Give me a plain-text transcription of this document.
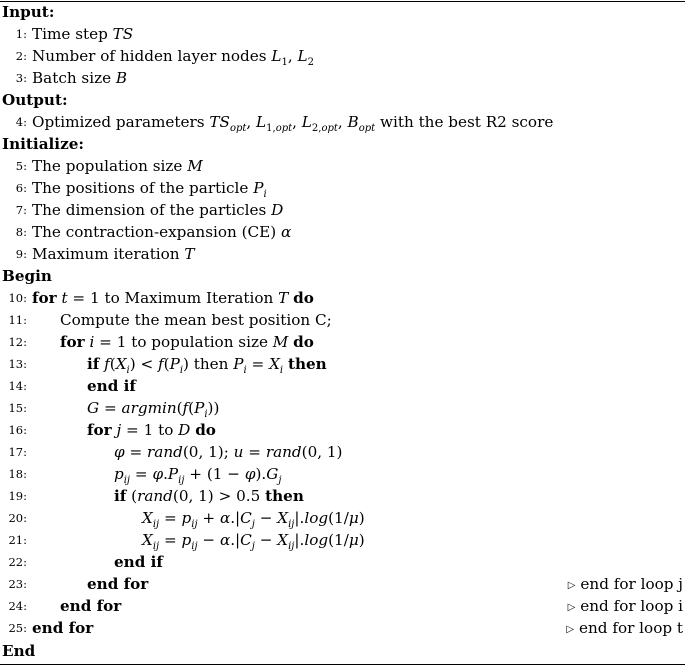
Input:
1: Time step TS
2: Number of hidden layer nodes $L_1$, $L_2$
3: Batch size B
Output:
4: Optimized parameters $TS_{opt}$, $L_{1,opt}$, $L_{2,opt}$, $B_{opt}$ with the best R2 score
Initialize:
5: The population size M
6: The positions of the particle $P_i$
7: The dimension of the particles D
8: The contraction-expansion (CE) α
9: Maximum iteration T
Begin
10: for t = 1 to Maximum Iteration T do
11: Compute the mean best position C;
12: for i = 1 to population size M do
13:	if $f(X_i) < f(P_i)$ then $P_i = X_i$ then
14:	end if
15:	$G = argmin(f(P_i))$
16:	for j = 1 to D do
17:	φ = rand(0, 1); u = rand(0, 1)
18:	$p_{ij} = \varphi.P_{ij} + (1 - \varphi).G_j$
19:	if (rand(0, 1) > 0.5 then
20:	$X_{ij} = p_{ij} + \alpha.|C_j - X_{ij}|.\log(1/\mu)$
21:	$X_{ij} = p_{ij} - \alpha.|C_j - X_{ij}|.\log(1/\mu)$
22:	end if
23:	end for	▷ end for loop j
24: end for	▷ end for loop i
25: end for	▷ end for loop t
End
